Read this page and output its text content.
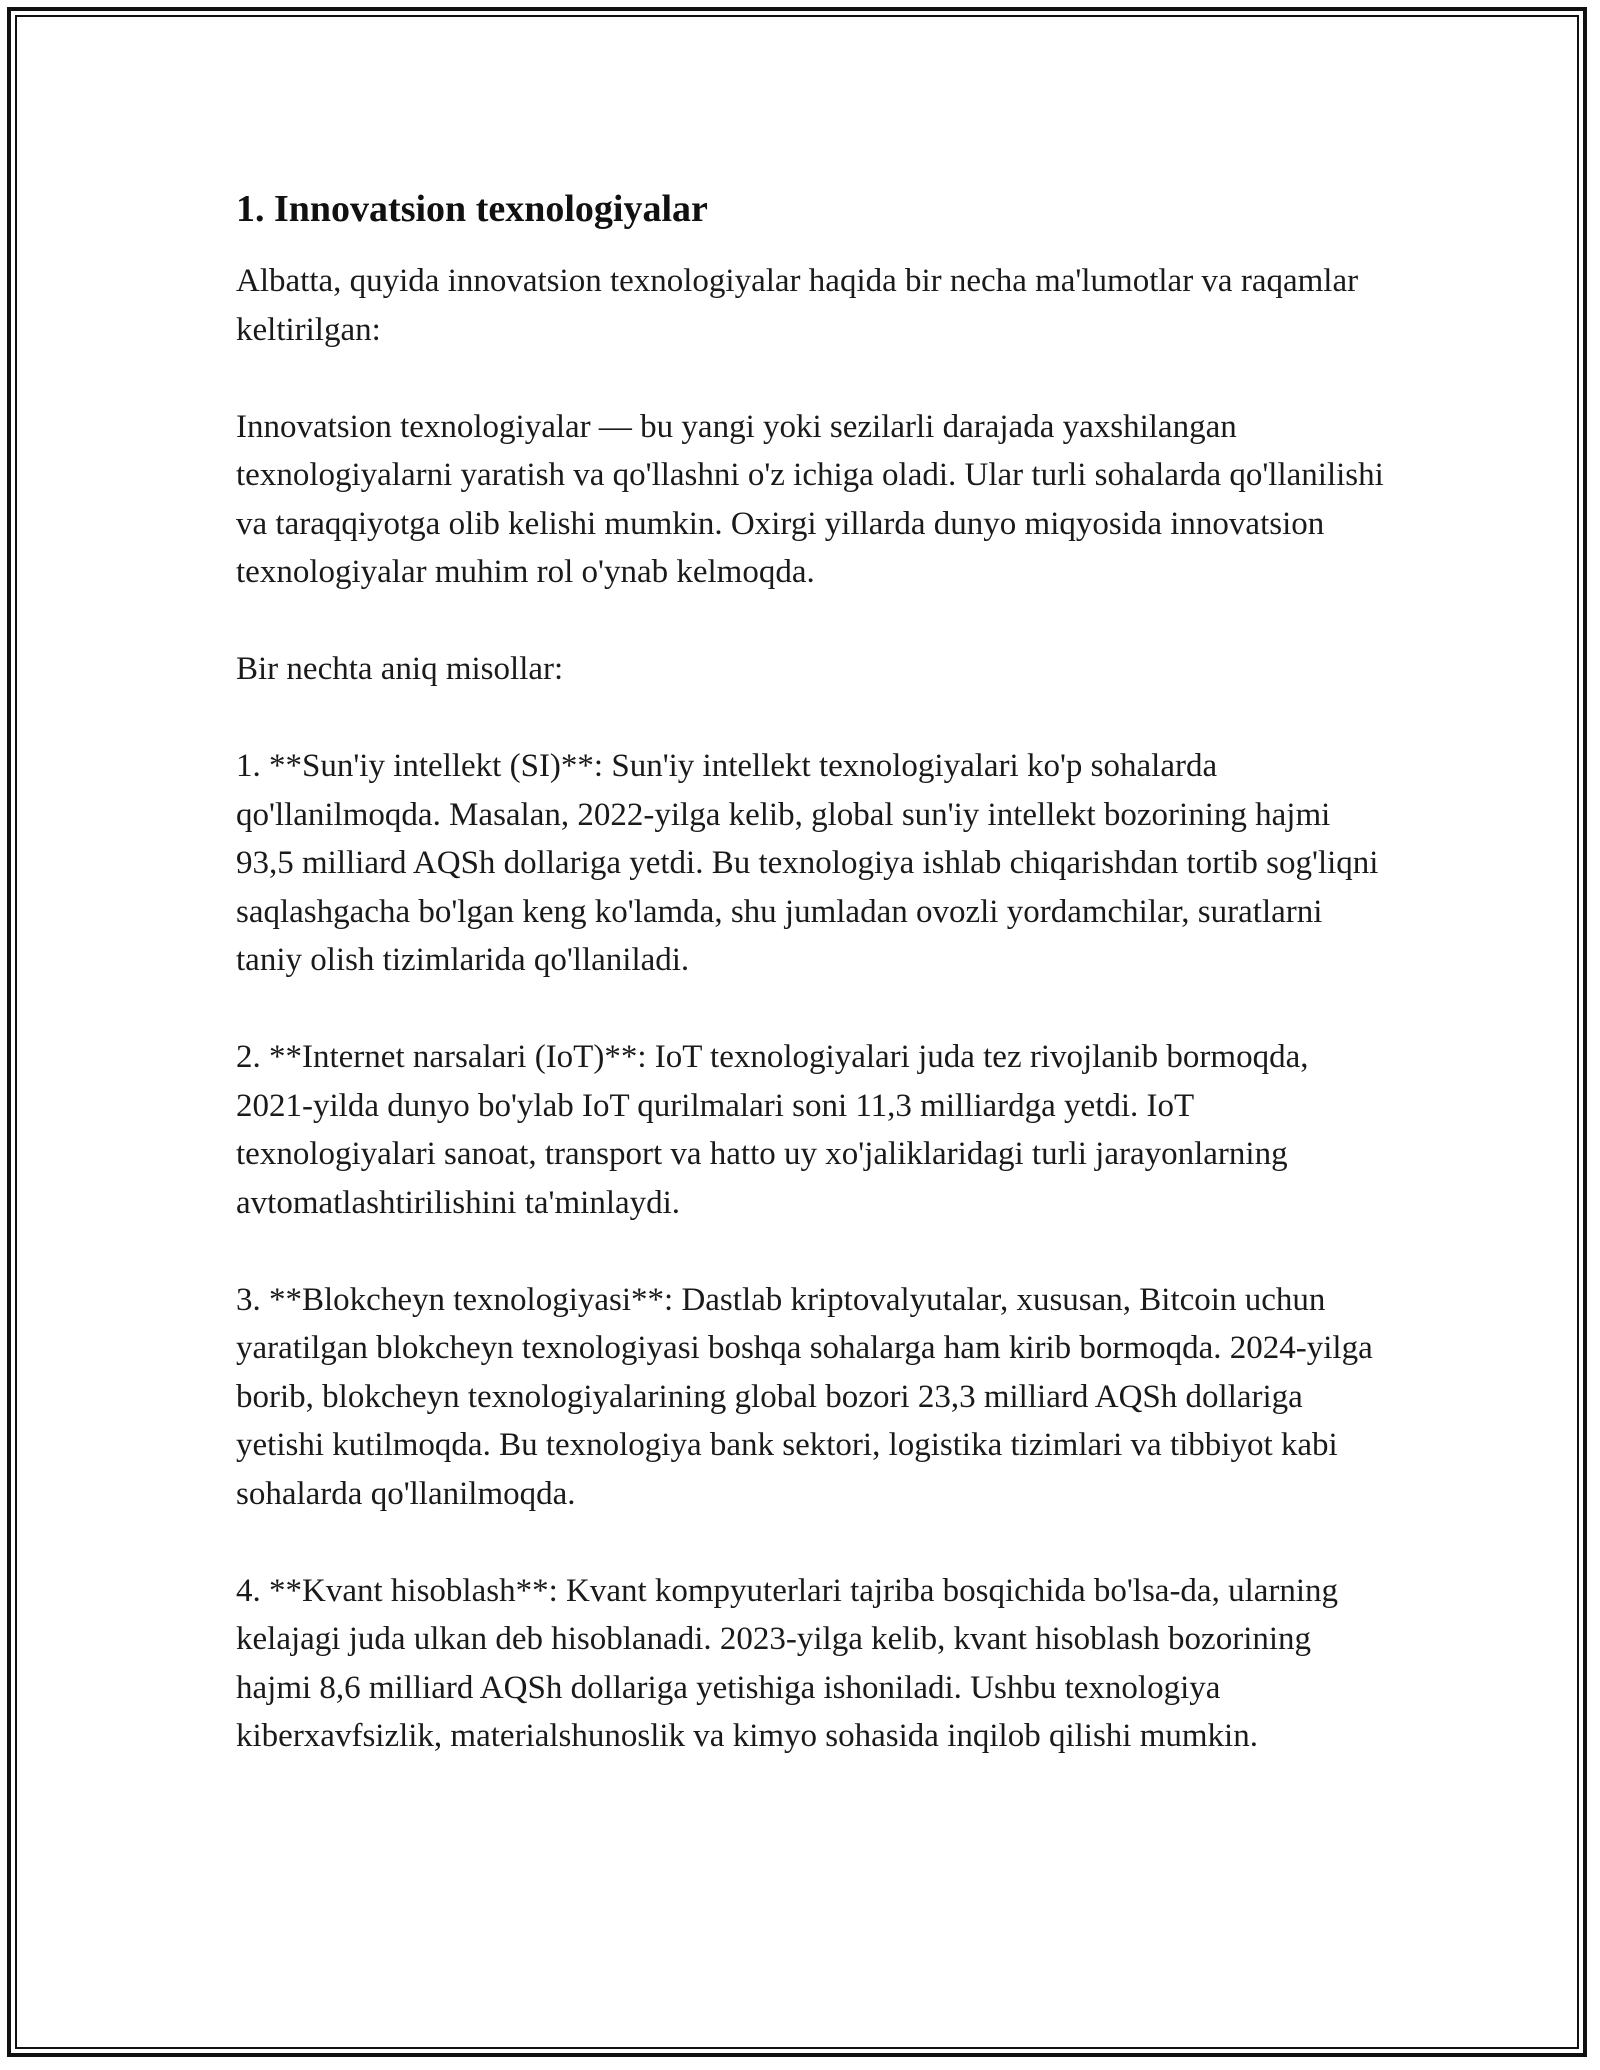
1. Innovatsion texnologiyalar

Albatta, quyida innovatsion texnologiyalar haqida bir necha ma'lumotlar va raqamlar keltirilgan:

Innovatsion texnologiyalar — bu yangi yoki sezilarli darajada yaxshilangan texnologiyalarni yaratish va qo'llashni o'z ichiga oladi. Ular turli sohalarda qo'llanilishi va taraqqiyotga olib kelishi mumkin. Oxirgi yillarda dunyo miqyosida innovatsion texnologiyalar muhim rol o'ynab kelmoqda.

Bir nechta aniq misollar:

1. **Sun'iy intellekt (SI)**: Sun'iy intellekt texnologiyalari ko'p sohalarda qo'llanilmoqda. Masalan, 2022-yilga kelib, global sun'iy intellekt bozorining hajmi 93,5 milliard AQSh dollariga yetdi. Bu texnologiya ishlab chiqarishdan tortib sog'liqni saqlashgacha bo'lgan keng ko'lamda, shu jumladan ovozli yordamchilar, suratlarni taniy olish tizimlarida qo'llaniladi.

2. **Internet narsalari (IoT)**: IoT texnologiyalari juda tez rivojlanib bormoqda, 2021-yilda dunyo bo'ylab IoT qurilmalari soni 11,3 milliardga yetdi. IoT texnologiyalari sanoat, transport va hatto uy xo'jaliklaridagi turli jarayonlarning avtomatlashtirilishini ta'minlaydi.

3. **Blokcheyn texnologiyasi**: Dastlab kriptovalyutalar, xususan, Bitcoin uchun yaratilgan blokcheyn texnologiyasi boshqa sohalarga ham kirib bormoqda. 2024-yilga borib, blokcheyn texnologiyalarining global bozori 23,3 milliard AQSh dollariga yetishi kutilmoqda. Bu texnologiya bank sektori, logistika tizimlari va tibbiyot kabi sohalarda qo'llanilmoqda.

4. **Kvant hisoblash**: Kvant kompyuterlari tajriba bosqichida bo'lsa-da, ularning kelajagi juda ulkan deb hisoblanadi. 2023-yilga kelib, kvant hisoblash bozorining hajmi 8,6 milliard AQSh dollariga yetishiga ishoniladi. Ushbu texnologiya kiberxavfsizlik, materialshunoslik va kimyo sohasida inqilob qilishi mumkin.
